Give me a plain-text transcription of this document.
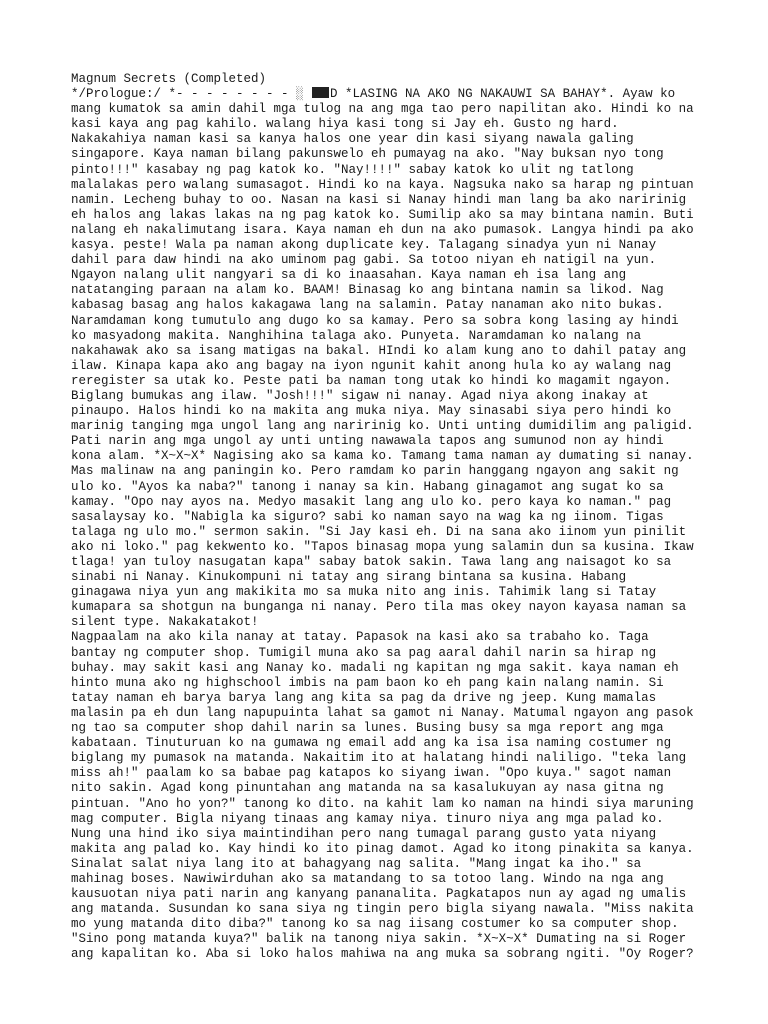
Magnum Secrets (Completed)
*/Prologue:/ *- - - - - - - - ░ D *LASING NA AKO NG NAKAUWI SA BAHAY*. Ayaw ko
mang kumatok sa amin dahil mga tulog na ang mga tao pero napilitan ako. Hindi ko na
kasi kaya ang pag kahilo. walang hiya kasi tong si Jay eh. Gusto ng hard.
Nakakahiya naman kasi sa kanya halos one year din kasi siyang nawala galing
singapore. Kaya naman bilang pakunswelo eh pumayag na ako. "Nay buksan nyo tong
pinto!!!" kasabay ng pag katok ko. "Nay!!!!" sabay katok ko ulit ng tatlong
malalakas pero walang sumasagot. Hindi ko na kaya. Nagsuka nako sa harap ng pintuan
namin. Lecheng buhay to oo. Nasan na kasi si Nanay hindi man lang ba ako naririnig
eh halos ang lakas lakas na ng pag katok ko. Sumilip ako sa may bintana namin. Buti
nalang eh nakalimutang isara. Kaya naman eh dun na ako pumasok. Langya hindi pa ako
kasya. peste! Wala pa naman akong duplicate key. Talagang sinadya yun ni Nanay
dahil para daw hindi na ako uminom pag gabi. Sa totoo niyan eh natigil na yun.
Ngayon nalang ulit nangyari sa di ko inaasahan. Kaya naman eh isa lang ang
natatanging paraan na alam ko. BAAM! Binasag ko ang bintana namin sa likod. Nag
kabasag basag ang halos kakagawa lang na salamin. Patay nanaman ako nito bukas.
Naramdaman kong tumutulo ang dugo ko sa kamay. Pero sa sobra kong lasing ay hindi
ko masyadong makita. Nanghihina talaga ako. Punyeta. Naramdaman ko nalang na
nakahawak ako sa isang matigas na bakal. HIndi ko alam kung ano to dahil patay ang
ilaw. Kinapa kapa ako ang bagay na iyon ngunit kahit anong hula ko ay walang nag
reregister sa utak ko. Peste pati ba naman tong utak ko hindi ko magamit ngayon.
Biglang bumukas ang ilaw. "Josh!!!" sigaw ni nanay. Agad niya akong inakay at
pinaupo. Halos hindi ko na makita ang muka niya. May sinasabi siya pero hindi ko
marinig tanging mga ungol lang ang naririnig ko. Unti unting dumidilim ang paligid.
Pati narin ang mga ungol ay unti unting nawawala tapos ang sumunod non ay hindi
kona alam. *X~X~X* Nagising ako sa kama ko. Tamang tama naman ay dumating si nanay.
Mas malinaw na ang paningin ko. Pero ramdam ko parin hanggang ngayon ang sakit ng
ulo ko. "Ayos ka naba?" tanong i nanay sa kin. Habang ginagamot ang sugat ko sa
kamay. "Opo nay ayos na. Medyo masakit lang ang ulo ko. pero kaya ko naman." pag
sasalaysay ko. "Nabigla ka siguro? sabi ko naman sayo na wag ka ng iinom. Tigas
talaga ng ulo mo." sermon sakin. "Si Jay kasi eh. Di na sana ako iinom yun pinilit
ako ni loko." pag kekwento ko. "Tapos binasag mopa yung salamin dun sa kusina. Ikaw
tlaga! yan tuloy nasugatan kapa" sabay batok sakin. Tawa lang ang naisagot ko sa
sinabi ni Nanay. Kinukompuni ni tatay ang sirang bintana sa kusina. Habang
ginagawa niya yun ang makikita mo sa muka nito ang inis. Tahimik lang si Tatay
kumapara sa shotgun na bunganga ni nanay. Pero tila mas okey nayon kayasa naman sa
silent type. Nakakatakot!
Nagpaalam na ako kila nanay at tatay. Papasok na kasi ako sa trabaho ko. Taga
bantay ng computer shop. Tumigil muna ako sa pag aaral dahil narin sa hirap ng
buhay. may sakit kasi ang Nanay ko. madali ng kapitan ng mga sakit. kaya naman eh
hinto muna ako ng highschool imbis na pam baon ko eh pang kain nalang namin. Si
tatay naman eh barya barya lang ang kita sa pag da drive ng jeep. Kung mamalas
malasin pa eh dun lang napupuinta lahat sa gamot ni Nanay. Matumal ngayon ang pasok
ng tao sa computer shop dahil narin sa lunes. Busing busy sa mga report ang mga
kabataan. Tinuturuan ko na gumawa ng email add ang ka isa isa naming costumer ng
biglang my pumasok na matanda. Nakaitim ito at halatang hindi naliligo. "teka lang
miss ah!" paalam ko sa babae pag katapos ko siyang iwan. "Opo kuya." sagot naman
nito sakin. Agad kong pinuntahan ang matanda na sa kasalukuyan ay nasa gitna ng
pintuan. "Ano ho yon?" tanong ko dito. na kahit lam ko naman na hindi siya maruning
mag computer. Bigla niyang tinaas ang kamay niya. tinuro niya ang mga palad ko.
Nung una hind iko siya maintindihan pero nang tumagal parang gusto yata niyang
makita ang palad ko. Kay hindi ko ito pinag damot. Agad ko itong pinakita sa kanya.
Sinalat salat niya lang ito at bahagyang nag salita. "Mang ingat ka iho." sa
mahinag boses. Nawiwirduhan ako sa matandang to sa totoo lang. Windo na nga ang
kausuotan niya pati narin ang kanyang pananalita. Pagkatapos nun ay agad ng umalis
ang matanda. Susundan ko sana siya ng tingin pero bigla siyang nawala. "Miss nakita
mo yung matanda dito diba?" tanong ko sa nag iisang costumer ko sa computer shop.
"Sino pong matanda kuya?" balik na tanong niya sakin. *X~X~X* Dumating na si Roger
ang kapalitan ko. Aba si loko halos mahiwa na ang muka sa sobrang ngiti. "Oy Roger?
